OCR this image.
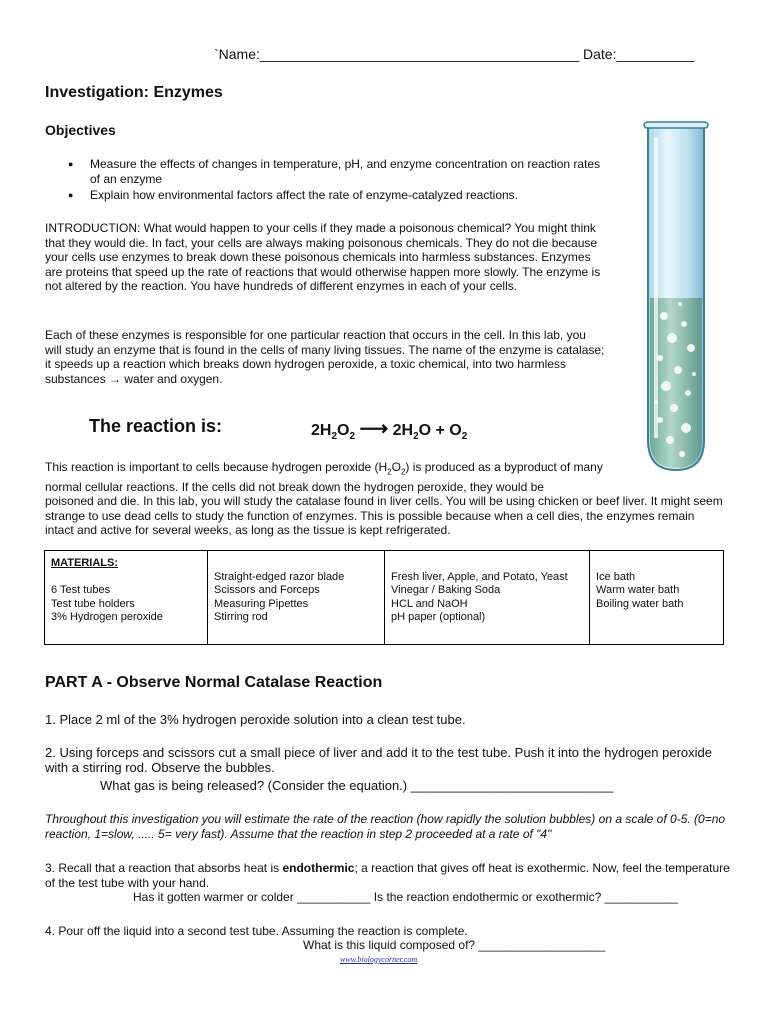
`Name:_________________________________________ Date:__________
Investigation: Enzymes
Objectives
● Measure the effects of changes in temperature, pH, and enzyme concentration on reaction rates of an enzyme
● Explain how environmental factors affect the rate of enzyme-catalyzed reactions.

INTRODUCTION: What would happen to your cells if they made a poisonous chemical? You might think that they would die. In fact, your cells are always making poisonous chemicals. They do not die because your cells use enzymes to break down these poisonous chemicals into harmless substances. Enzymes are proteins that speed up the rate of reactions that would otherwise happen more slowly. The enzyme is not altered by the reaction. You have hundreds of different enzymes in each of your cells.

Each of these enzymes is responsible for one particular reaction that occurs in the cell. In this lab, you will study an enzyme that is found in the cells of many living tissues. The name of the enzyme is catalase; it speeds up a reaction which breaks down hydrogen peroxide, a toxic chemical, into two harmless substances → water and oxygen.

The reaction is:	$2H_2O_2$ ⟶ $2H_2O + O_2$

This reaction is important to cells because hydrogen peroxide $(H_2O_2)$ is produced as a byproduct of many normal cellular reactions. If the cells did not break down the hydrogen peroxide, they would be
poisoned and die. In this lab, you will study the catalase found in liver cells. You will be using chicken or beef liver. It might seem strange to use dead cells to study the function of enzymes. This is possible because when a cell dies, the enzymes remain intact and active for several weeks, as long as the tissue is kept refrigerated.

MATERIALS:
6 Test tubes
Test tube holders
3% Hydrogen peroxide

Straight-edged razor blade
Scissors and Forceps
Measuring Pipettes
Stirring rod

Fresh liver, Apple, and Potato, Yeast
Vinegar / Baking Soda
HCL and NaOH
pH paper (optional)

Ice bath
Warm water bath
Boiling water bath
PART A - Observe Normal Catalase Reaction
1. Place 2 ml of the 3% hydrogen peroxide solution into a clean test tube.

2. Using forceps and scissors cut a small piece of liver and add it to the test tube. Push it into the hydrogen peroxide with a stirring rod. Observe the bubbles.

What gas is being released? (Consider the equation.) ____________________________

Throughout this investigation you will estimate the rate of the reaction (how rapidly the solution bubbles) on a scale of 0-5. (0=no reaction, 1=slow, ..... 5= very fast). Assume that the reaction in step 2 proceeded at a rate of "4"

3. Recall that a reaction that absorbs heat is endothermic; a reaction that gives off heat is exothermic. Now, feel the temperature of the test tube with your hand.

Has it gotten warmer or colder ___________ Is the reaction endothermic or exothermic? ___________
4. Pour off the liquid into a second test tube. Assuming the reaction is complete.
What is this liquid composed of? ___________________
www.biologycorner.com
